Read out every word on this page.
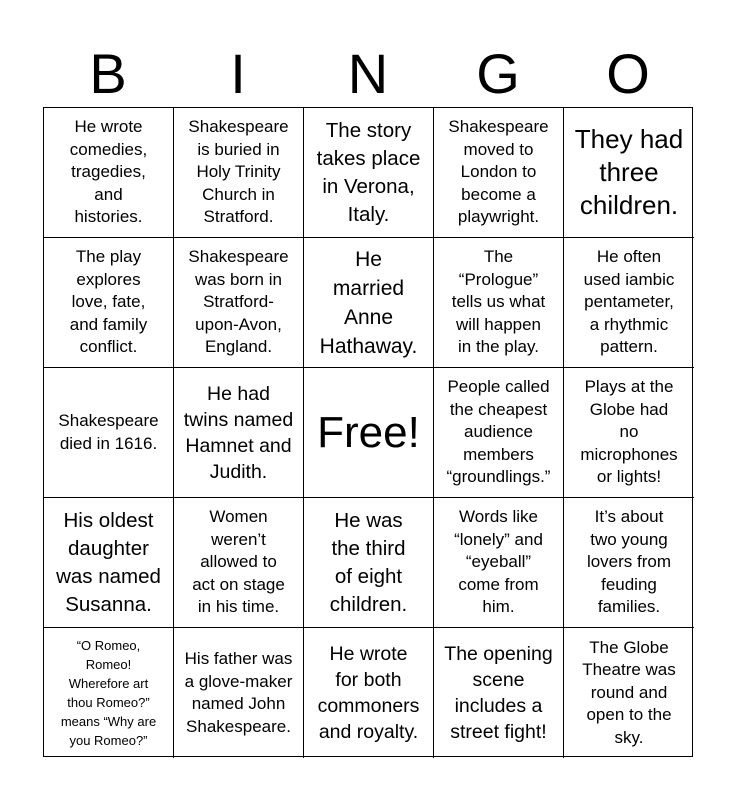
B	I	N	G	O
He wrote
comedies,
tragedies,
and
histories.
Shakespeare
is buried in
Holy Trinity
Church in
Stratford.
The story
takes place
in Verona,
Italy.
Shakespeare
moved to
London to
become a
playwright.
They had
three
children.
The play
explores
love, fate,
and family
conflict.
Shakespeare
was born in
Stratford-
upon-Avon,
England.
He
married
Anne
Hathaway.
The
“Prologue”
tells us what
will happen
in the play.
He often
used iambic
pentameter,
a rhythmic
pattern.
Shakespeare
died in 1616.
He had
twins named
Hamnet and
Judith.
Free!
People called
the cheapest
audience
members
“groundlings.”
Plays at the
Globe had
no
microphones
or lights!
His oldest
daughter
was named
Susanna.
Women
weren’t
allowed to
act on stage
in his time.
He was
the third
of eight
children.
Words like
“lonely” and
“eyeball”
come from
him.
It’s about
two young
lovers from
feuding
families.
“O Romeo,
Romeo!
Wherefore art
thou Romeo?”
means “Why are
you Romeo?”
His father was
a glove-maker
named John
Shakespeare.
He wrote
for both
commoners
and royalty.
The opening
scene
includes a
street fight!
The Globe
Theatre was
round and
open to the
sky.
